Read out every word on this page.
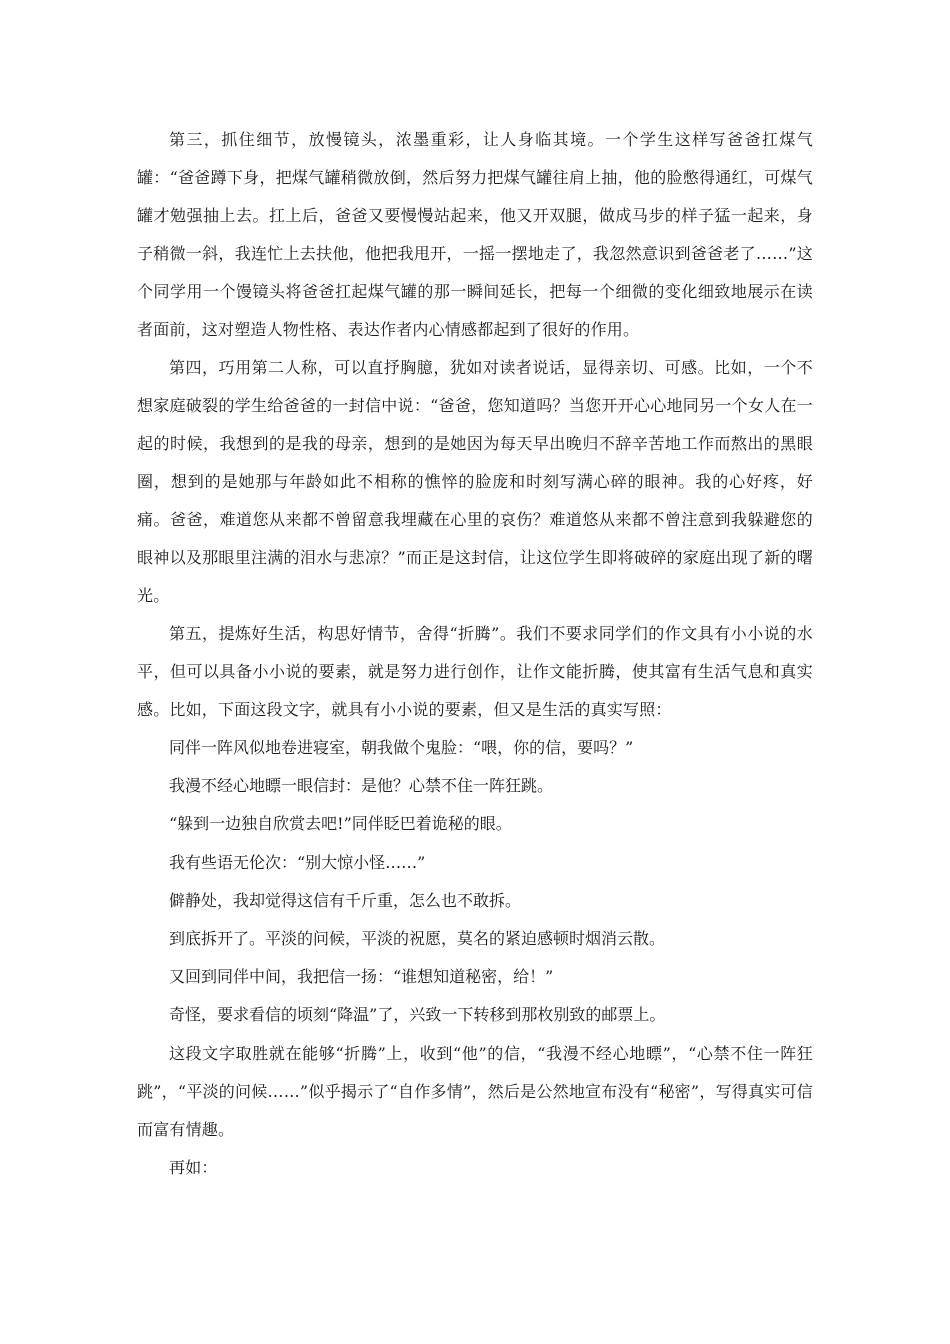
第三，抓住细节，放慢镜头，浓墨重彩，让人身临其境。一个学生这样写爸爸扛煤气罐：“爸爸蹲下身，把煤气罐稍微放倒，然后努力把煤气罐往肩上抽，他的脸憋得通红，可煤气罐才勉强抽上去。扛上后，爸爸又要慢慢站起来，他又开双腿，做成马步的样子猛一起来，身子稍微一斜，我连忙上去扶他，他把我甩开，一摇一摆地走了，我忽然意识到爸爸老了……”这个同学用一个馒镜头将爸爸扛起煤气罐的那一瞬间延长，把每一个细微的变化细致地展示在读者面前，这对塑造人物性格、表达作者内心情感都起到了很好的作用。

第四，巧用第二人称，可以直抒胸臆，犹如对读者说话，显得亲切、可感。比如，一个不想家庭破裂的学生给爸爸的一封信中说：“爸爸，您知道吗？当您开开心心地同另一个女人在一起的时候，我想到的是我的母亲，想到的是她因为每天早出晚归不辞辛苦地工作而熬出的黑眼圈，想到的是她那与年龄如此不相称的憔悴的脸庞和时刻写满心碎的眼神。我的心好疼，好痛。爸爸，难道您从来都不曾留意我埋藏在心里的哀伤？难道悠从来都不曾注意到我躲避您的眼神以及那眼里注满的泪水与悲凉？”而正是这封信，让这位学生即将破碎的家庭出现了新的曙光。

第五，提炼好生活，构思好情节，舍得“折腾”。我们不要求同学们的作文具有小小说的水平，但可以具备小小说的要素，就是努力进行创作，让作文能折腾，使其富有生活气息和真实感。比如，下面这段文字，就具有小小说的要素，但又是生活的真实写照：

同伴一阵风似地卷进寝室，朝我做个鬼脸：“喂，你的信，要吗？”

我漫不经心地瞟一眼信封：是他？心禁不住一阵狂跳。

“躲到一边独自欣赏去吧!”同伴眨巴着诡秘的眼。

我有些语无伦次：“别大惊小怪……”

僻静处，我却觉得这信有千斤重，怎么也不敢拆。

到底拆开了。平淡的问候，平淡的祝愿，莫名的紧迫感顿时烟消云散。

又回到同伴中间，我把信一扬：“谁想知道秘密，给！”

奇怪，要求看信的顷刻“降温”了，兴致一下转移到那枚别致的邮票上。

这段文字取胜就在能够“折腾”上，收到“他”的信，“我漫不经心地瞟”，“心禁不住一阵狂跳”，“平淡的问候……”似乎揭示了“自作多情”，然后是公然地宣布没有“秘密”，写得真实可信而富有情趣。

再如：
